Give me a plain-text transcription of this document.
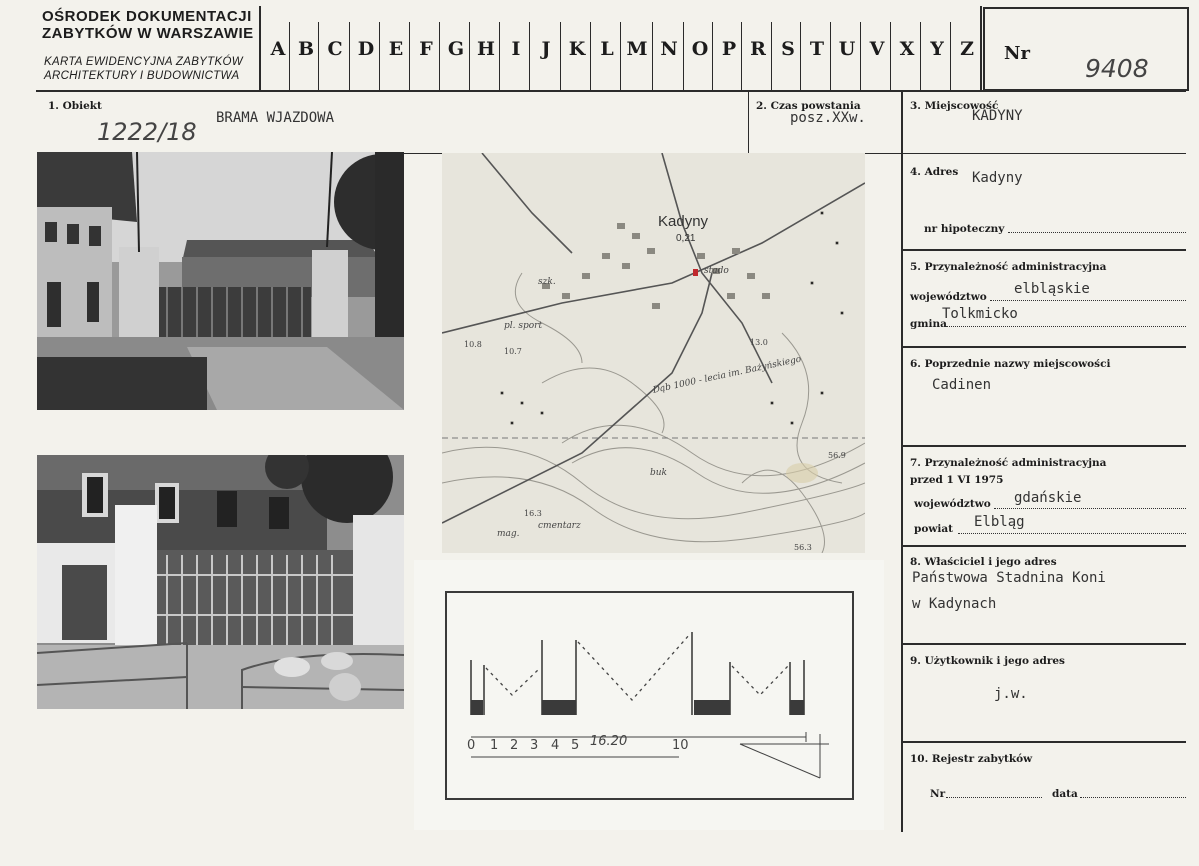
OŚRODEK DOKUMENTACJI
ZABYTKÓW W WARSZAWIE
KARTA EWIDENCYJNA ZABYTKÓW
ARCHITEKTURY I BUDOWNICTWA
A B C D E F G H I	J K L M N O P R S T U V X Y Z	Nr
9408
1. Obiekt
BRAMA WJAZDOWA
1222/18
2. Czas powstania
posz.XXw.
3. Miejscowość
KADYNY
4. Adres Kadyny
nr hipoteczny
5. Przynależność administracyjna
województwo elbląskie
gmina
Tolkmicko
6. Poprzednie nazwy miejscowości
Cadinen
7. Przynależność administracyjna
przed 1 VI 1975
województwo gdańskie
powiat Elbląg
8. Właściciel i jego adres
Państwowa Stadnina Koni
w Kadynach
9. Użytkownik i jego adres
j.w.
10. Rejestr zabytków
Nr	data
Kadyny
0,21
stado
szk.
pl. sport
Dąb 1000 - lecia im. Bażyńskiego
buk
cmentarz
mag.
10.8
10.7
13.0
56.9
56.3
16.3
0 1 2 3 4 5	10
16.20
